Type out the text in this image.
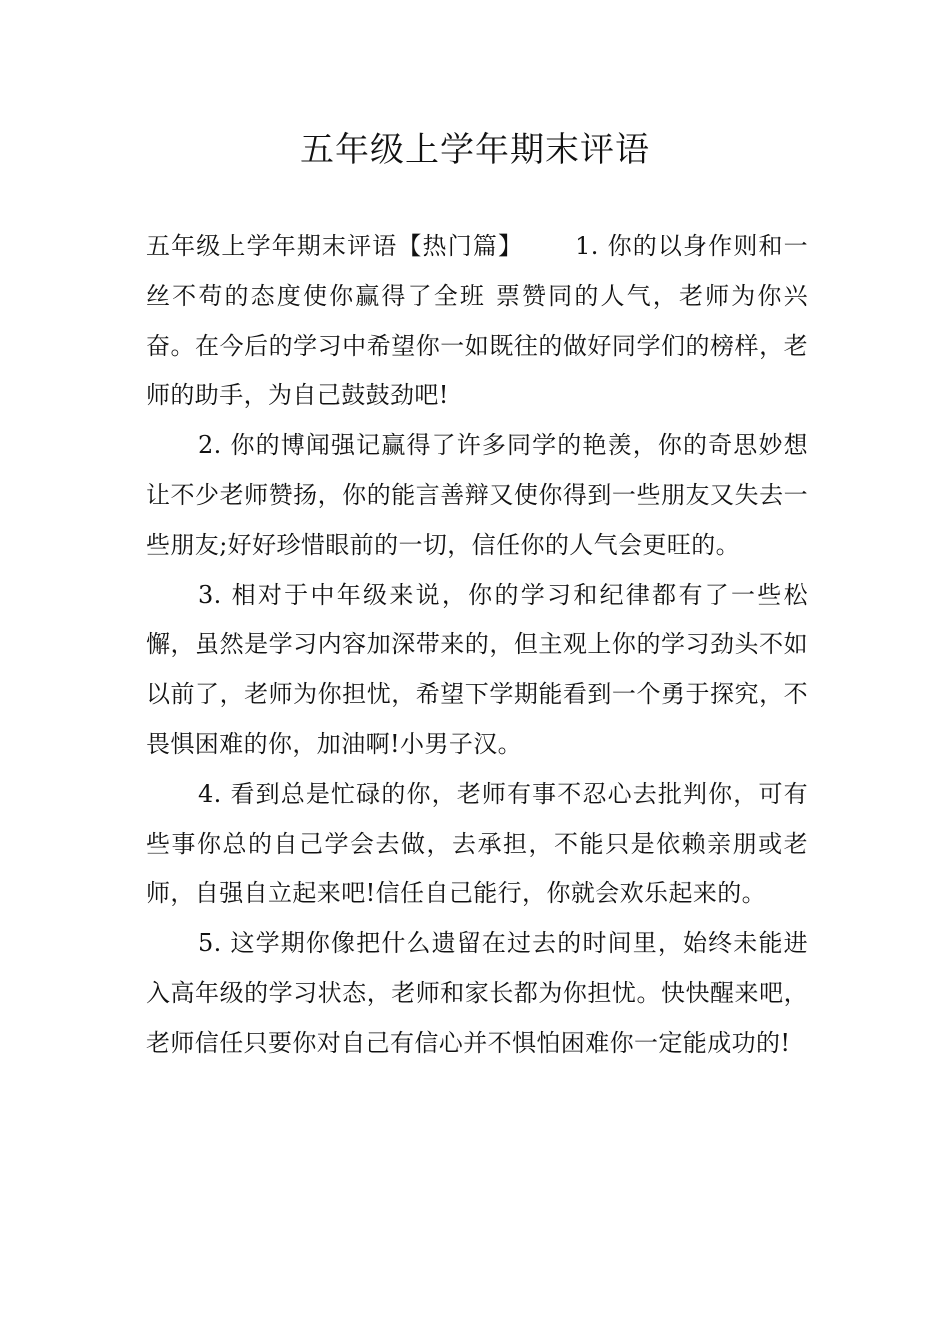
五年级上学年期末评语

五年级上学年期末评语【热门篇】 1. 你的以身作则和一丝不苟的态度使你赢得了全班 票赞同的人气，老师为你兴奋。在今后的学习中希望你一如既往的做好同学们的榜样，老师的助手，为自己鼓鼓劲吧!

2. 你的博闻强记赢得了许多同学的艳羡，你的奇思妙想让不少老师赞扬，你的能言善辩又使你得到一些朋友又失去一些朋友;好好珍惜眼前的一切，信任你的人气会更旺的。

3. 相对于中年级来说，你的学习和纪律都有了一些松懈，虽然是学习内容加深带来的，但主观上你的学习劲头不如以前了，老师为你担忧，希望下学期能看到一个勇于探究，不畏惧困难的你，加油啊!小男子汉。

4. 看到总是忙碌的你，老师有事不忍心去批判你，可有些事你总的自己学会去做，去承担，不能只是依赖亲朋或老师，自强自立起来吧!信任自己能行，你就会欢乐起来的。

5. 这学期你像把什么遗留在过去的时间里，始终未能进入高年级的学习状态，老师和家长都为你担忧。快快醒来吧，老师信任只要你对自己有信心并不惧怕困难你一定能成功的!
